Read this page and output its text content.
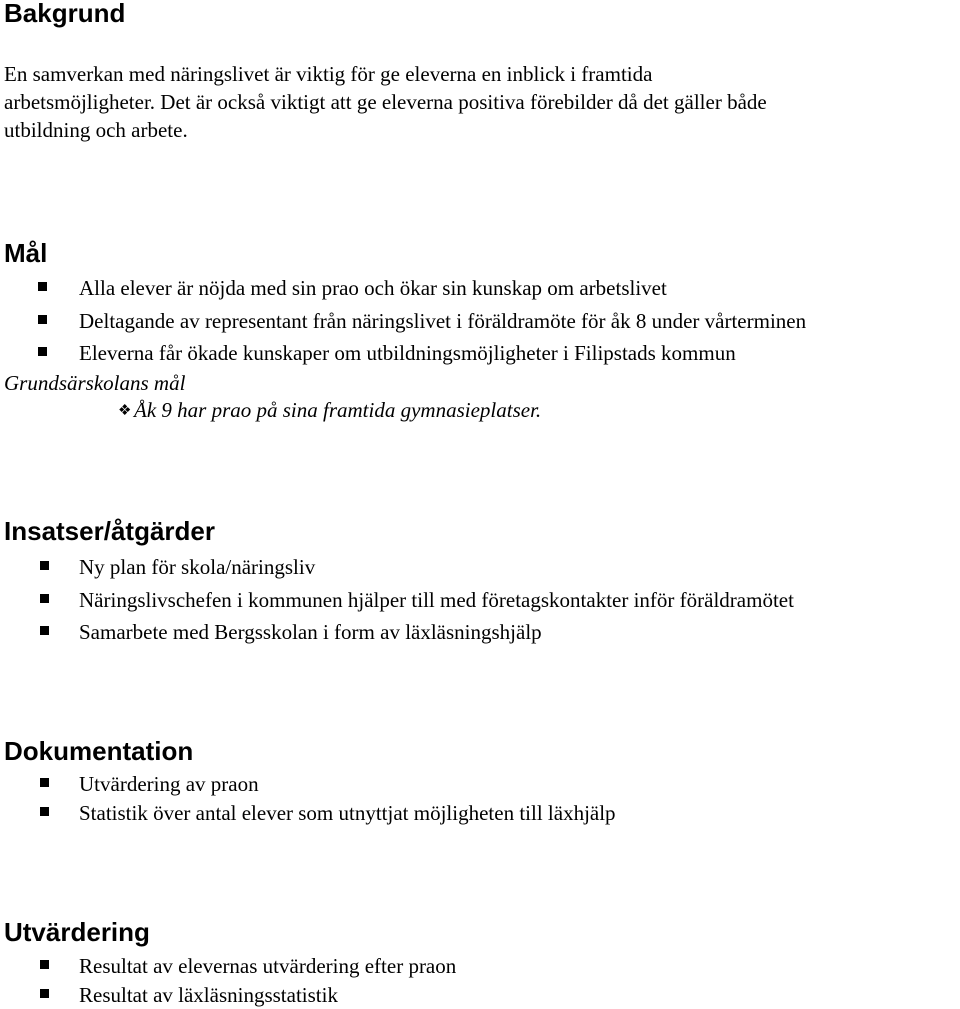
Bakgrund

En samverkan med näringslivet är viktig för ge eleverna en inblick i framtida arbetsmöjligheter. Det är också viktigt att ge eleverna positiva förebilder då det gäller både utbildning och arbete.

Mål
Alla elever är nöjda med sin prao och ökar sin kunskap om arbetslivet
Deltagande av representant från näringslivet i föräldramöte för åk 8 under vårterminen
Eleverna får ökade kunskaper om utbildningsmöjligheter i Filipstads kommun

Grundsärskolans mål

❖ Åk 9 har prao på sina framtida gymnasieplatser.

Insatser/åtgärder
Ny plan för skola/näringsliv
Näringslivschefen i kommunen hjälper till med företagskontakter inför föräldramötet
Samarbete med Bergsskolan i form av läxläsningshjälp
Dokumentation
Utvärdering av praon
Statistik över antal elever som utnyttjat möjligheten till läxhjälp
Utvärdering
Resultat av elevernas utvärdering efter praon
Resultat av läxläsningsstatistik
